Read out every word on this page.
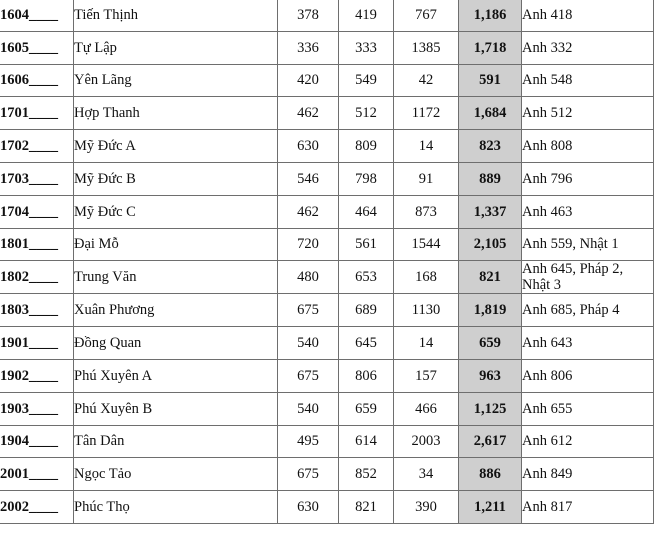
1604____	Tiến Thịnh	378	419	767	1,186	Anh 418
1605____	Tự Lập	336	333	1385	1,718	Anh 332
1606____	Yên Lãng	420	549	42	591	Anh 548
1701____	Hợp Thanh	462	512	1172	1,684	Anh 512
1702____	Mỹ Đức A	630	809	14	823	Anh 808
1703____	Mỹ Đức B	546	798	91	889	Anh 796
1704____	Mỹ Đức C	462	464	873	1,337	Anh 463
1801____	Đại Mỗ	720	561	1544	2,105	Anh 559, Nhật 1
1802____	Trung Văn	480	653	168	821	Anh 645, Pháp 2, Nhật 3
1803____	Xuân Phương	675	689	1130	1,819	Anh 685, Pháp 4
1901____	Đồng Quan	540	645	14	659	Anh 643
1902____	Phú Xuyên A	675	806	157	963	Anh 806
1903____	Phú Xuyên B	540	659	466	1,125	Anh 655
1904____	Tân Dân	495	614	2003	2,617	Anh 612
2001____	Ngọc Tảo	675	852	34	886	Anh 849
2002____	Phúc Thọ	630	821	390	1,211	Anh 817
